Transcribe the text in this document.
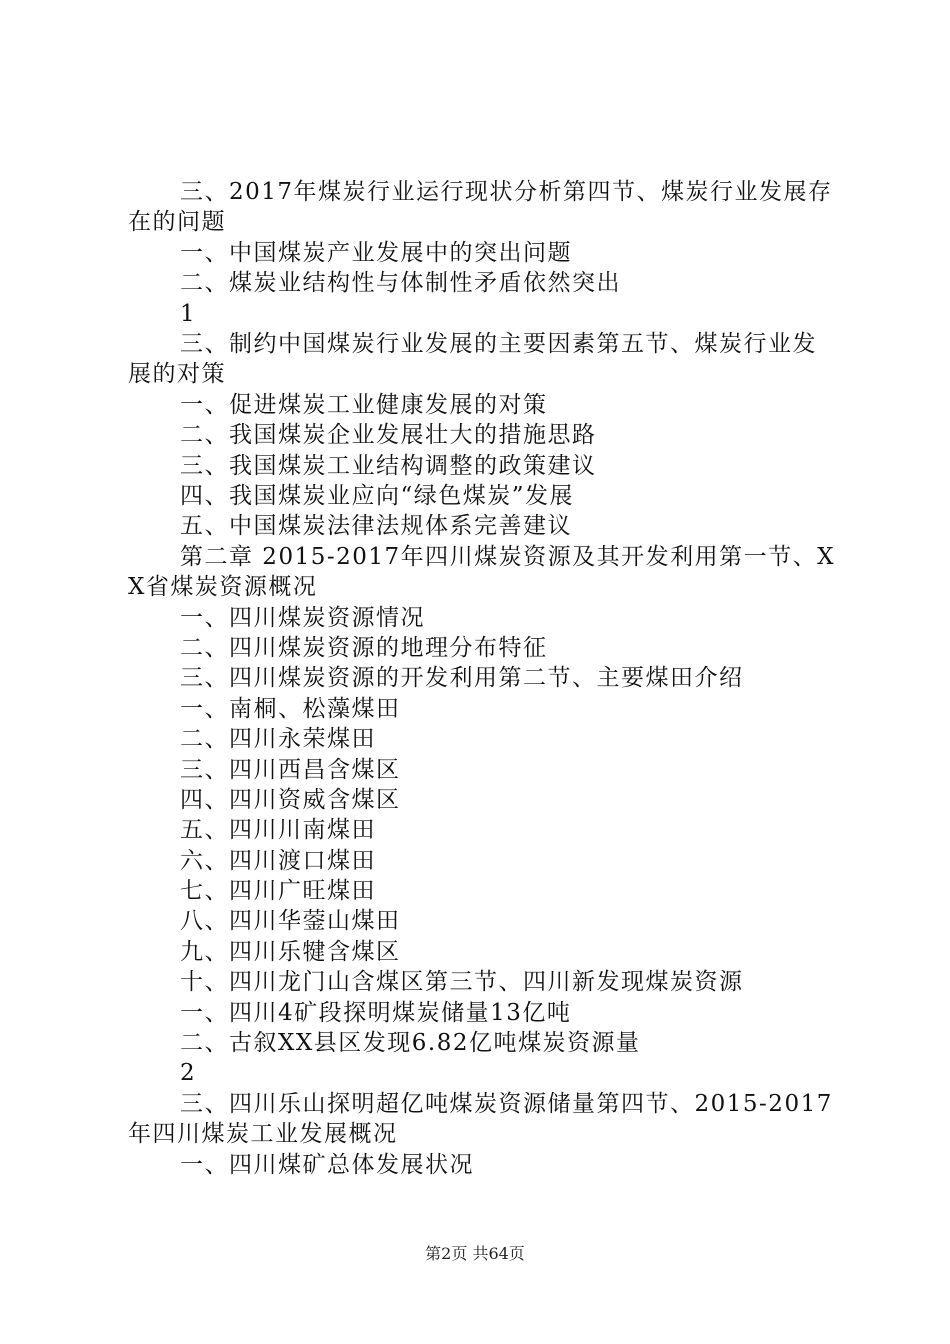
三、2017年煤炭行业运行现状分析第四节、煤炭行业发展存在的问题
一、中国煤炭产业发展中的突出问题
二、煤炭业结构性与体制性矛盾依然突出
1
三、制约中国煤炭行业发展的主要因素第五节、煤炭行业发展的对策
一、促进煤炭工业健康发展的对策
二、我国煤炭企业发展壮大的措施思路
三、我国煤炭工业结构调整的政策建议
四、我国煤炭业应向“绿色煤炭”发展
五、中国煤炭法律法规体系完善建议
第二章 2015-2017年四川煤炭资源及其开发利用第一节、XX省煤炭资源概况
一、四川煤炭资源情况
二、四川煤炭资源的地理分布特征
三、四川煤炭资源的开发利用第二节、主要煤田介绍
一、南桐、松藻煤田
二、四川永荣煤田
三、四川西昌含煤区
四、四川资威含煤区
五、四川川南煤田
六、四川渡口煤田
七、四川广旺煤田
八、四川华蓥山煤田
九、四川乐犍含煤区
十、四川龙门山含煤区第三节、四川新发现煤炭资源
一、四川4矿段探明煤炭储量13亿吨
二、古叙XX县区发现6.82亿吨煤炭资源量
2
三、四川乐山探明超亿吨煤炭资源储量第四节、2015-2017年四川煤炭工业发展概况
一、四川煤矿总体发展状况
第2页 共64页
